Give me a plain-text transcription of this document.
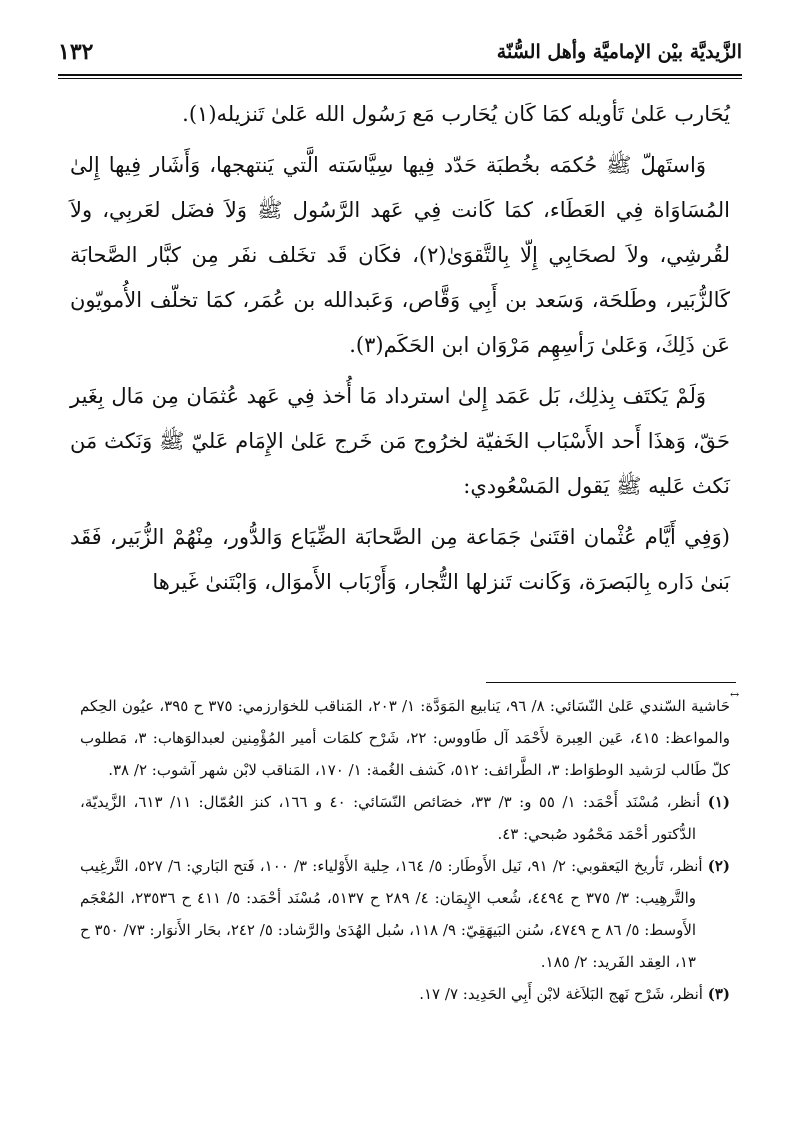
١٣٢	الزَّيديَّة بيْن الإماميَّة وأهل السُّنّة

يُحَارب عَلىٰ تَأويله كمَا كَان يُحَارب مَع رَسُول الله عَلىٰ تَنزيله(١).

وَاستَهلّ ﷺ حُكمَه بخُطبَة حَدّد فِيها سِيَّاسَته الَّتي يَنتهجها، وَأَشَار فِيها إِلىٰ المُسَاوَاة فِي العَطَاء، كمَا كَانت فِي عَهد الرَّسُول ﷺ وَلاَ فضَل لعَربِي، ولاَ لقُرشِي، ولاَ لصحَابِي إِلّا بِالتَّقوَىٰ(٢)، فكَان قَد تخَلف نفَر مِن كبَّار الصَّحابَة كَالزُّبَير، وطَلحَة، وَسَعد بن أَبِي وَقَّاص، وَعَبدالله بن عُمَر، كمَا تخلّف الأُمويّون عَن ذَلِكَ، وَعَلىٰ رَأسِهِم مَرْوَان ابن الحَكَم(٣).

وَلَمْ يَكتَف بِذلِك، بَل عَمَد إِلىٰ استرداد مَا أُخذ فِي عَهد عُثمَان مِن مَال بِغَير حَقّ، وَهذَا أَحد الأَسْبَاب الخَفيّة لخرُوج مَن خَرج عَلىٰ الإِمَام عَليّ ﷺ وَنَكث مَن نَكث عَليه ﷺ يَقول المَسْعُودي:

(وَفِي أَيَّام عُثْمان اقتَنىٰ جَمَاعة مِن الصَّحابَة الضِّيَاع وَالدُّور، مِنْهُمْ الزُّبَير، فَقَد بَنىٰ دَاره بِالبَصرَة، وَكَانت تَنزلها التُّجار، وَأَرْبَاب الأَموَال، وَابْتَنىٰ غَيرها

↔

حَاشية السّندي عَلىٰ النّسَائي: ٨/ ٩٦، يَنابيع المَوَدَّة: ١/ ٢٠٣، المَناقب للخوَارزمي: ٣٧٥ ح ٣٩٥، عيُون الحِكم والمواعظ: ٤١٥، عَين العِبرة لأَحْمَد آل طَاووس: ٢٢، شَرْح كلمَات أمير المُؤْمِنين لعبدالوَهاب: ٣، مَطلوب كلّ طَالب لرَشيد الوطوَاط: ٣، الطَّرائف: ٥١٢، كَشف الغُمة: ١/ ١٧٠، المَناقب لابْن شهر آشوب: ٢/ ٣٨.

(١) أنظر، مُسْنَد أَحْمَد: ١/ ٥٥ و: ٣/ ٣٣، خصَائص النّسَائي: ٤٠ و ١٦٦، كنز العُمّال: ١١/ ٦١٣، الزَّيديّة، الدُّكتور أحْمَد مَحْمُود صُبحي: ٤٣.

(٢) أنظر، تَأريخ اليَعقوبي: ٢/ ٩١، نَيل الأَوطَار: ٥/ ١٦٤، حِلية الأَوْلياء: ٣/ ١٠٠، فَتح البَاري: ٦/ ٥٢٧، التَّرغِيب والتَّرهِيب: ٣/ ٣٧٥ ح ٤٤٩٤، شُعب الإِيمَان: ٤/ ٢٨٩ ح ٥١٣٧، مُسْنَد أحْمَد: ٥/ ٤١١ ح ٢٣٥٣٦، المُعْجَم الأَوسط: ٥/ ٨٦ ح ٤٧٤٩، سُنن البَيهَقِيّ: ٩/ ١١٨، سُبل الهُدَىٰ والرَّشاد: ٥/ ٢٤٢، بحَار الأَنوَار: ٧٣/ ٣٥٠ ح ١٣، العِقد الفَريد: ٢/ ١٨٥.

(٣) أنظر، شَرْح نَهج البَلاَغة لابْن أَبِي الحَدِيد: ٧/ ١٧.
